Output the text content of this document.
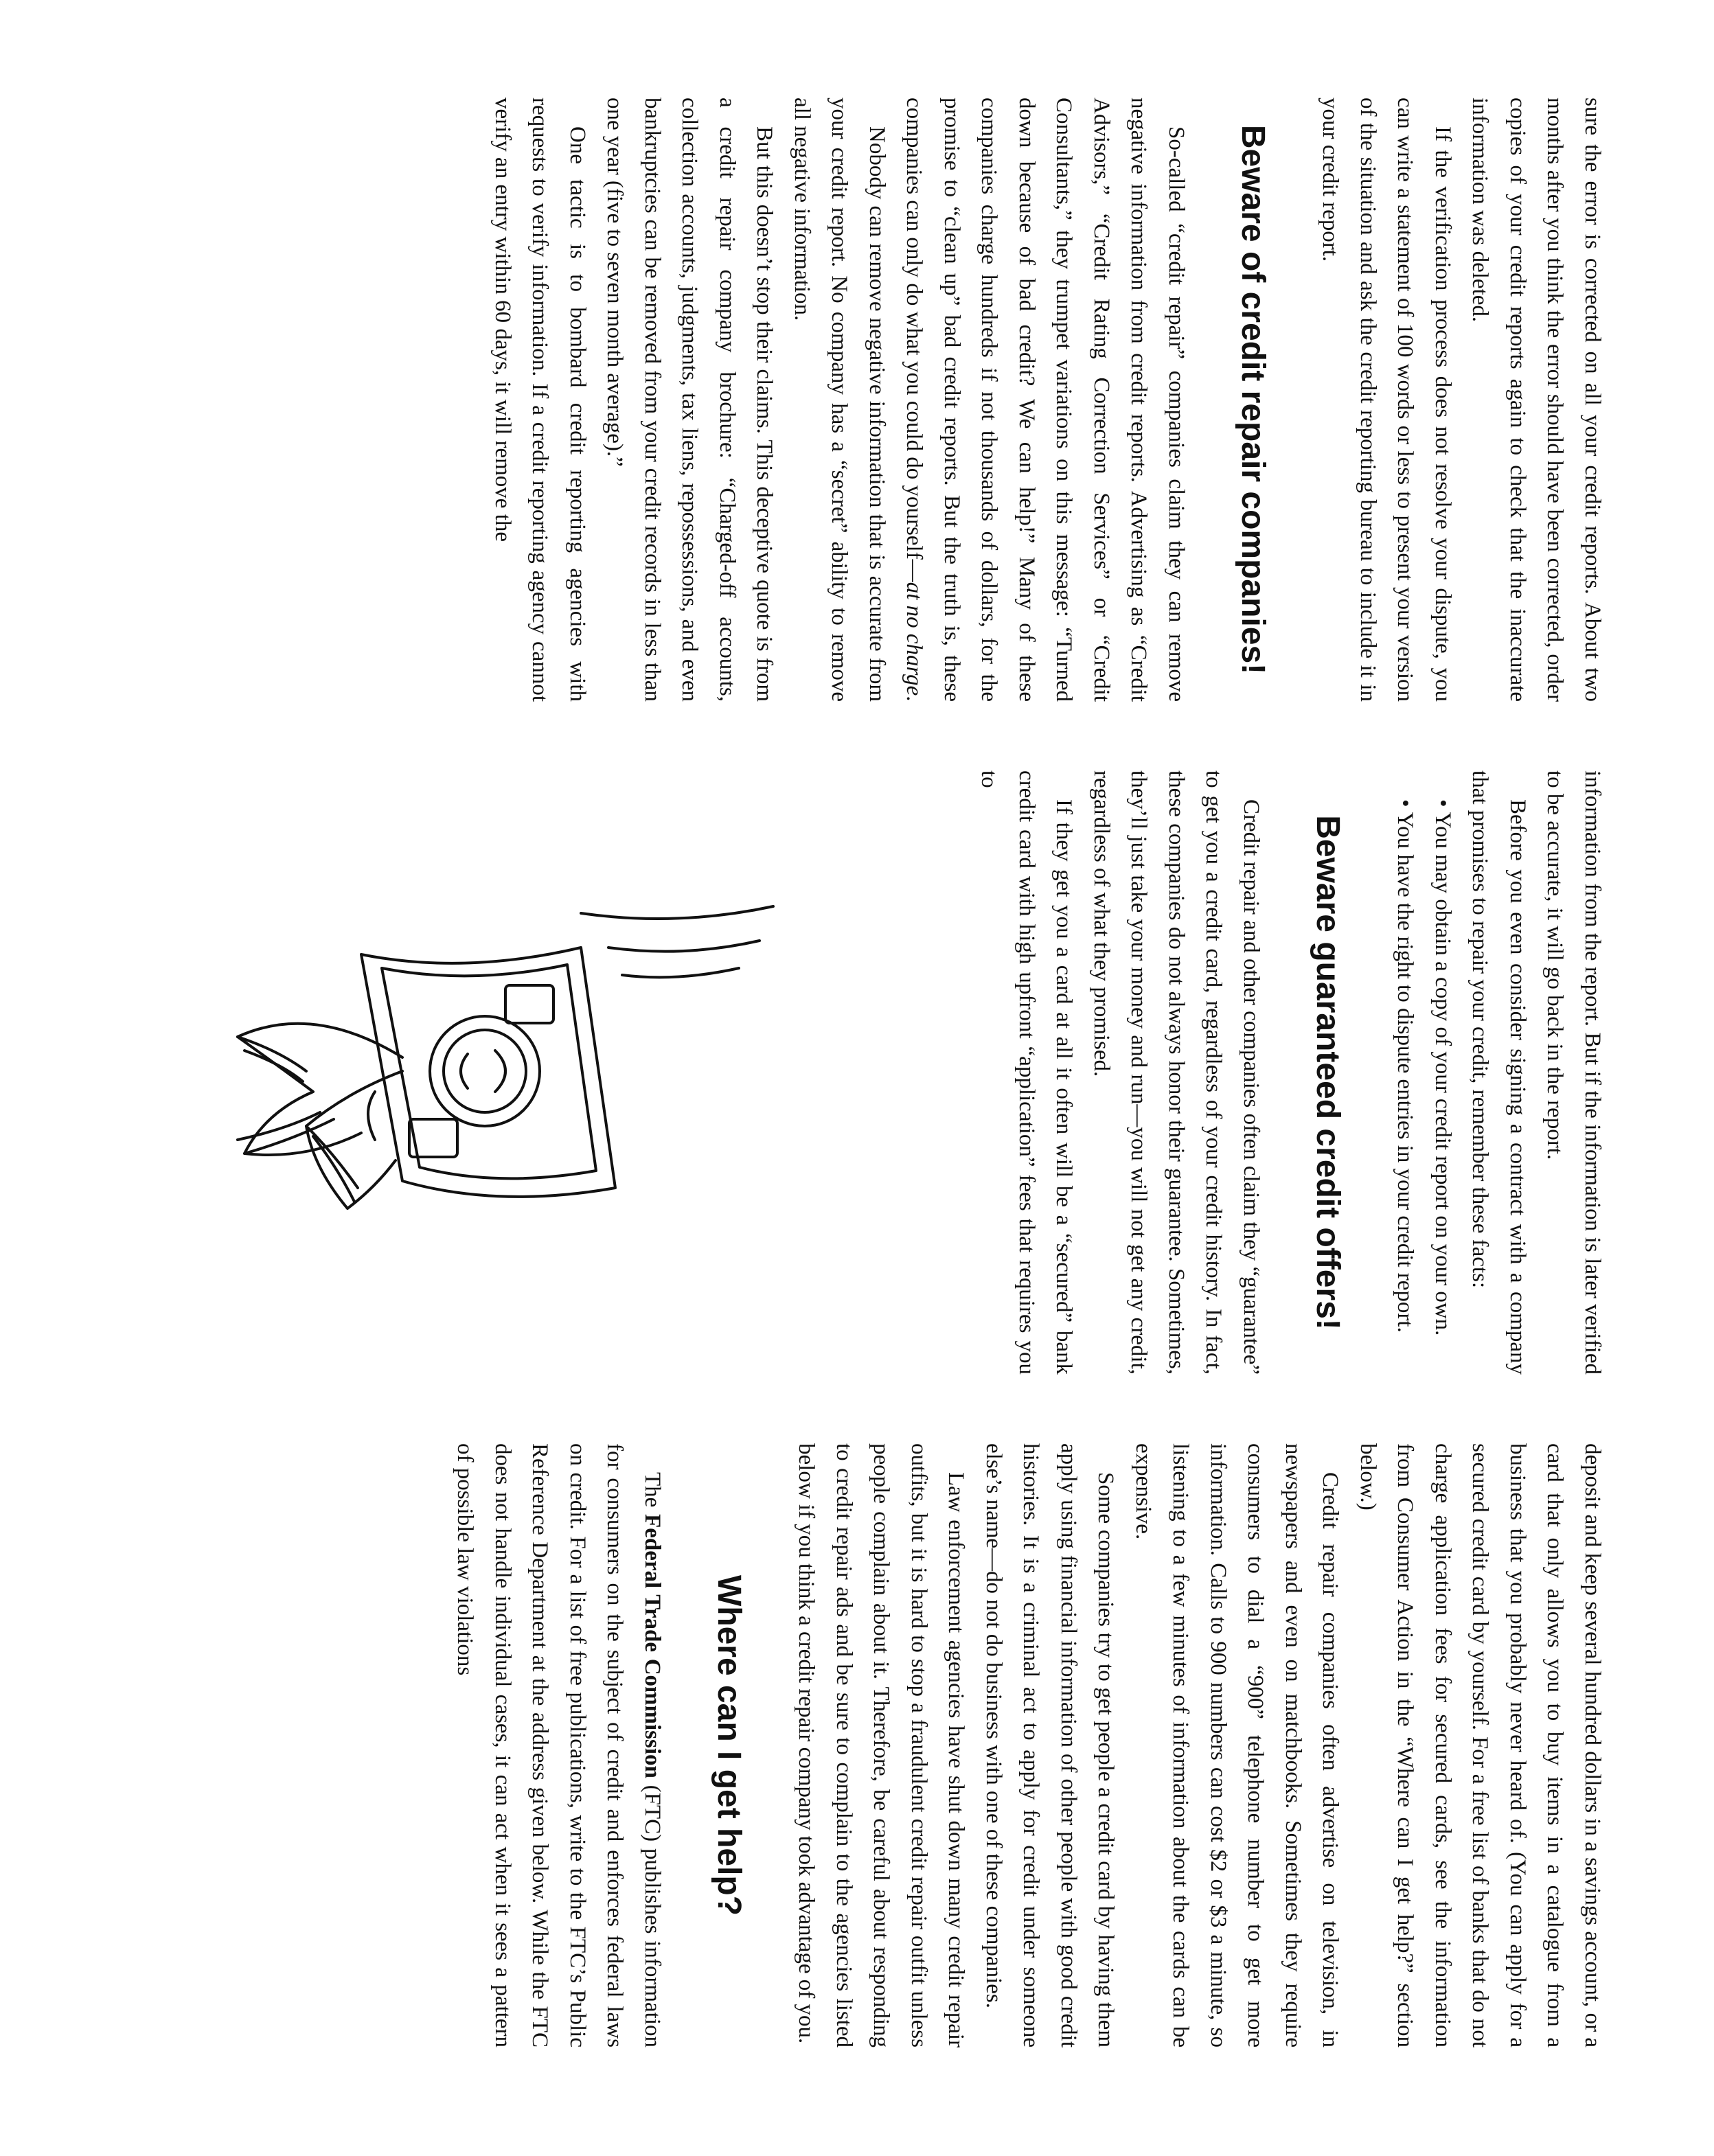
sure the error is corrected on all your credit reports. About two months after you think the error should have been corrected, order copies of your credit reports again to check that the inaccurate information was deleted.

If the verification process does not resolve your dispute, you can write a statement of 100 words or less to present your version of the situation and ask the credit reporting bureau to include it in your credit report.

Beware of credit repair companies!

So-called “credit repair” companies claim they can remove negative information from credit reports. Advertising as “Credit Advisors,” “Credit Rating Correction Services” or “Credit Consultants,” they trumpet variations on this message: “Turned down because of bad credit? We can help!” Many of these companies charge hundreds if not thousands of dollars, for the promise to “clean up” bad credit reports. But the truth is, these companies can only do what you could do yourself—at no charge.

Nobody can remove negative information that is accurate from your credit report. No company has a “secret” ability to remove all negative information.

But this doesn’t stop their claims. This deceptive quote is from a credit repair company brochure: “Charged-off accounts, collection accounts, judgments, tax liens, repossessions, and even bankruptcies can be removed from your credit records in less than one year (five to seven month average).”

One tactic is to bombard credit reporting agencies with requests to verify information. If a credit reporting agency cannot verify an entry within 60 days, it will remove the

information from the report. But if the information is later verified to be accurate, it will go back in the report.

Before you even consider signing a contract with a company that promises to repair your credit, remember these facts:

• You may obtain a copy of your credit report on your own.

• You have the right to dispute entries in your credit report.

Beware guaranteed credit offers!

Credit repair and other companies often claim they “guarantee” to get you a credit card, regardless of your credit history. In fact, these companies do not always honor their guarantee. Sometimes, they’ll just take your money and run—you will not get any credit, regardless of what they promised.

If they get you a card at all it often will be a “secured” bank credit card with high upfront “application” fees that requires you to

deposit and keep several hundred dollars in a savings account, or a card that only allows you to buy items in a catalogue from a business that you probably never heard of. (You can apply for a secured credit card by yourself. For a free list of banks that do not charge application fees for secured cards, see the information from Consumer Action in the “Where can I get help?” section below.)

Credit repair companies often advertise on television, in newspapers and even on matchbooks. Sometimes they require consumers to dial a “900” telephone number to get more information. Calls to 900 numbers can cost $2 or $3 a minute, so listening to a few minutes of information about the cards can be expensive.

Some companies try to get people a credit card by having them apply using financial information of other people with good credit histories. It is a criminal act to apply for credit under someone else’s name—do not do business with one of these companies.

Law enforcement agencies have shut down many credit repair outfits, but it is hard to stop a fraudulent credit repair outfit unless people complain about it. Therefore, be careful about responding to credit repair ads and be sure to complain to the agencies listed below if you think a credit repair company took advantage of you.

Where can I get help?

The Federal Trade Commission (FTC) publishes information for consumers on the subject of credit and enforces federal laws on credit. For a list of free publications, write to the FTC’s Public Reference Department at the address given below. While the FTC does not handle individual cases, it can act when it sees a pattern of possible law violations
